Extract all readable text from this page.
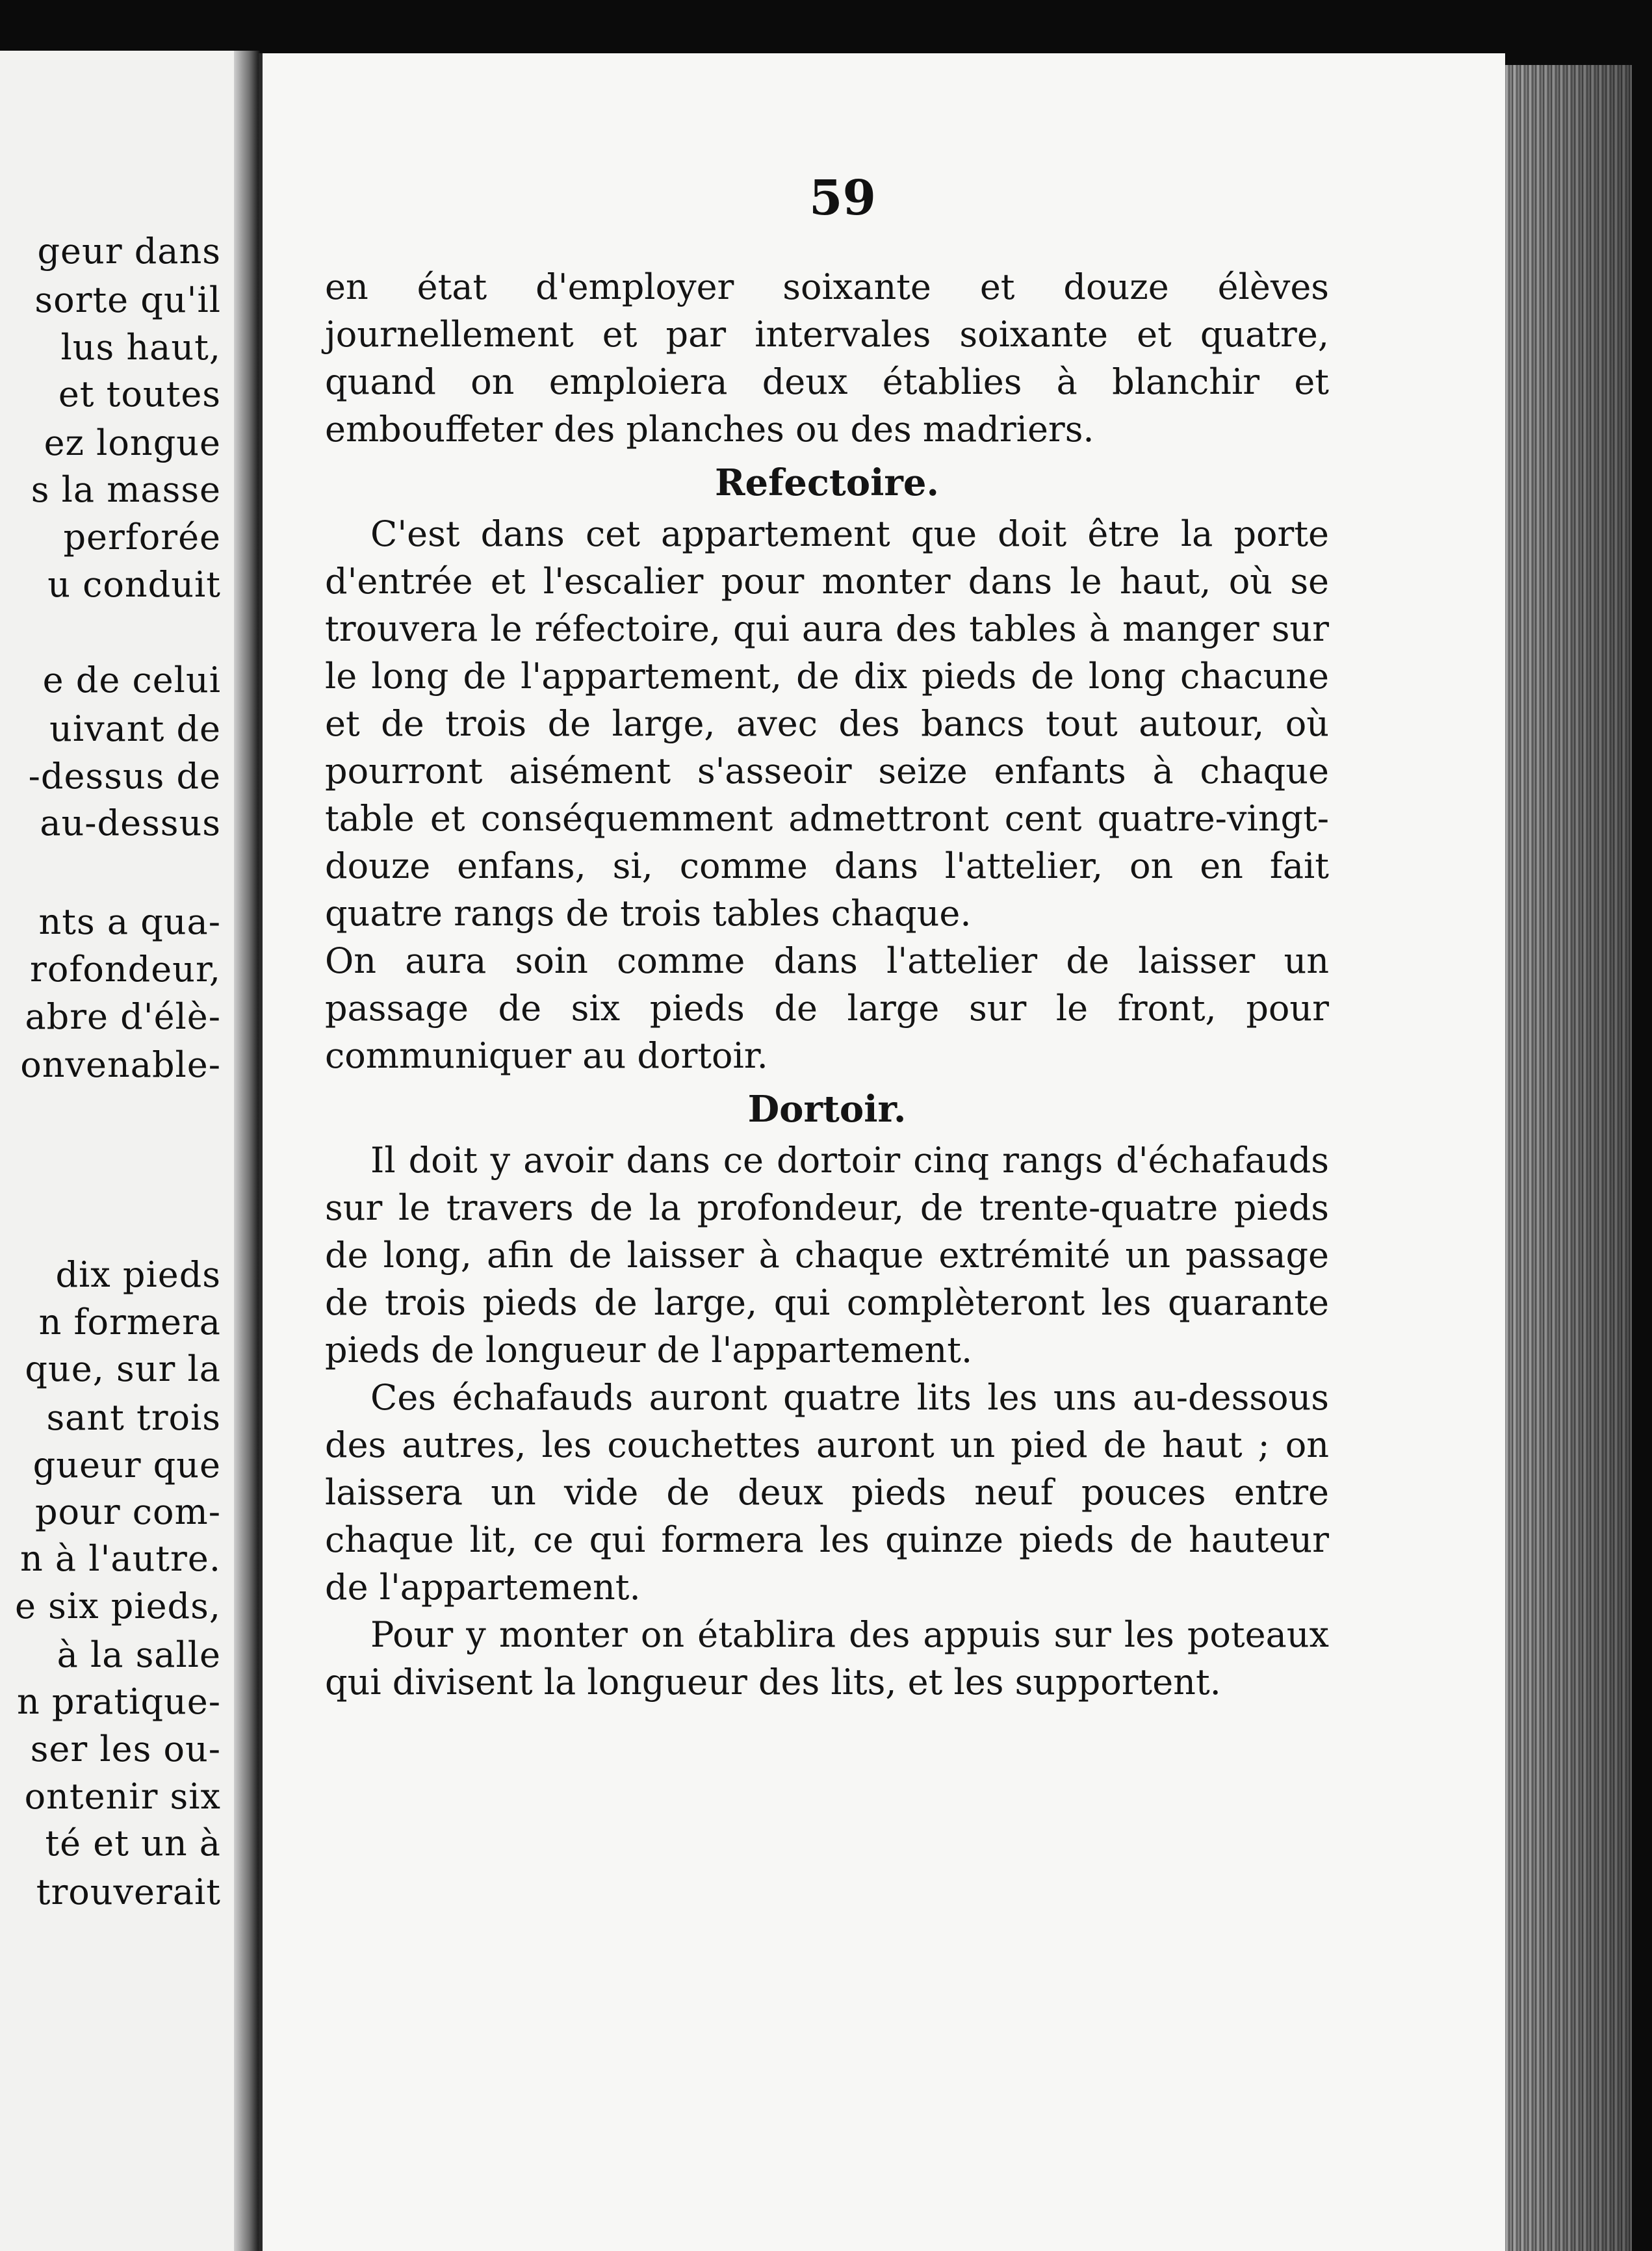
geur dans

sorte qu'il

lus haut,

et toutes

ez longue

s la masse

perforée

u conduit

e de celui

uivant de

-dessus de

au-dessus

nts a qua-

rofondeur,

abre d'élè-

onvenable-

dix pieds

n formera

que, sur la

sant trois

gueur que

pour com-

n à l'autre.

e six pieds,

à la salle

n pratique-

ser les ou-

ontenir six

té et un à

trouverait

59

en état d'employer soixante et douze élèves journellement et par intervales soixante et quatre, quand on emploiera deux établies à blanchir et embouffeter des planches ou des madriers.

Refectoire.

C'est dans cet appartement que doit être la porte d'entrée et l'escalier pour monter dans le haut, où se trouvera le réfectoire, qui aura des tables à manger sur le long de l'appartement, de dix pieds de long chacune et de trois de large, avec des bancs tout autour, où pourront aisément s'asseoir seize enfants à chaque table et conséquemment admettront cent quatre-vingt-douze enfans, si, comme dans l'attelier, on en fait quatre rangs de trois tables chaque.

On aura soin comme dans l'attelier de laisser un passage de six pieds de large sur le front, pour communiquer au dortoir.

Dortoir.

Il doit y avoir dans ce dortoir cinq rangs d'échafauds sur le travers de la profondeur, de trente-quatre pieds de long, afin de laisser à chaque extrémité un passage de trois pieds de large, qui complèteront les quarante pieds de longueur de l'appartement.

Ces échafauds auront quatre lits les uns au-dessous des autres, les couchettes auront un pied de haut ; on laissera un vide de deux pieds neuf pouces entre chaque lit, ce qui formera les quinze pieds de hauteur de l'appartement.

Pour y monter on établira des appuis sur les poteaux qui divisent la longueur des lits, et les supportent.
